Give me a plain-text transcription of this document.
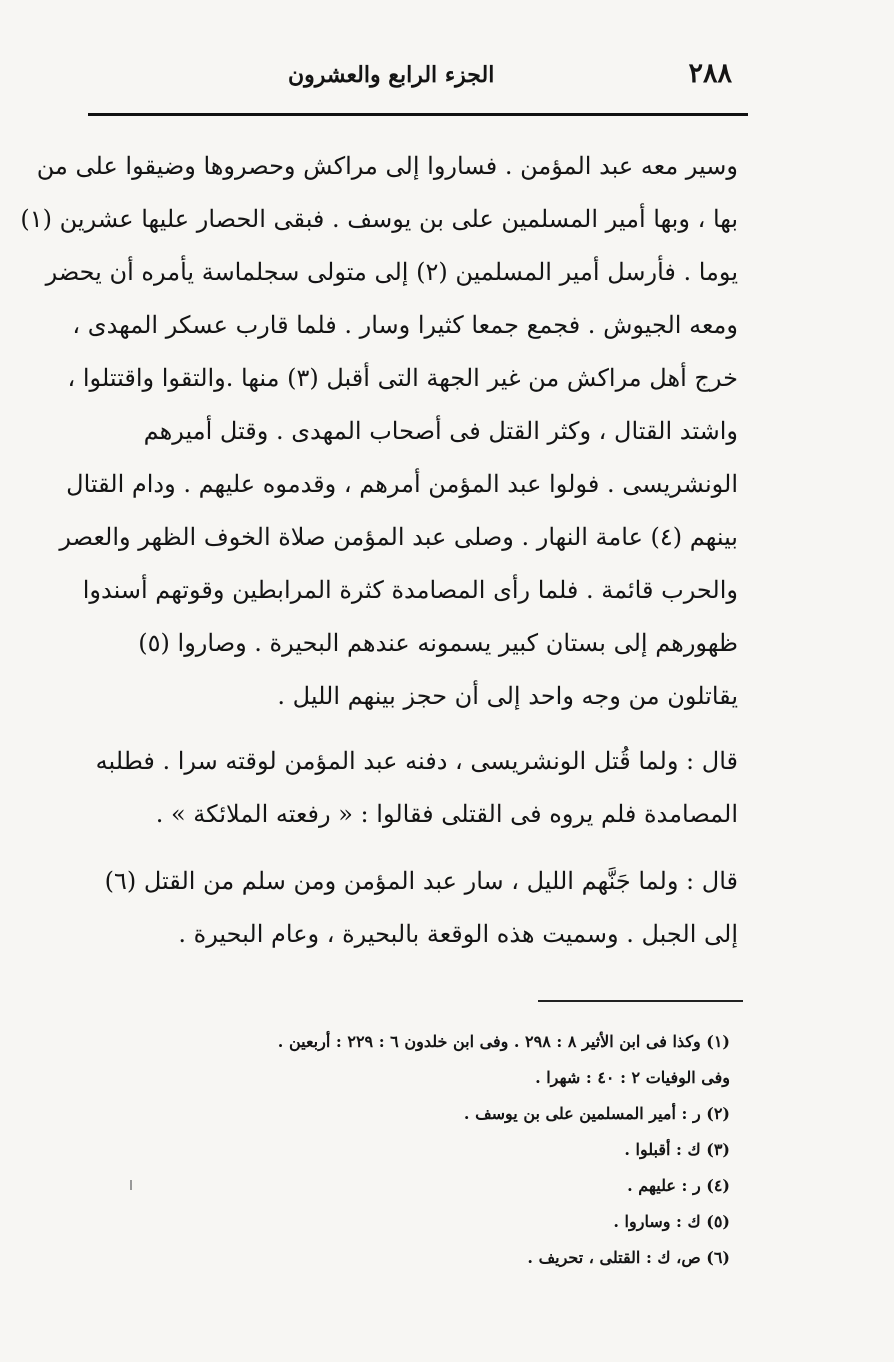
٢٨٨
الجزء الرابع والعشرون

وسير معه عبد المؤمن . فساروا إلى مراكش وحصروها وضيقوا على من
بها ، وبها أمير المسلمين على بن يوسف . فبقى الحصار عليها عشرين (١)
يوما . فأرسل أمير المسلمين (٢) إلى متولى سجلماسة يأمره أن يحضر
ومعه الجيوش . فجمع جمعا كثيرا وسار . فلما قارب عسكر المهدى ،
خرج أهل مراكش من غير الجهة التى أقبل (٣) منها .والتقوا واقتتلوا ،
واشتد القتال ، وكثر القتل فى أصحاب المهدى . وقتل أميرهم
الونشريسى . فولوا عبد المؤمن أمرهم ، وقدموه عليهم . ودام القتال
بينهم (٤) عامة النهار . وصلى عبد المؤمن صلاة الخوف الظهر والعصر
والحرب قائمة . فلما رأى المصامدة كثرة المرابطين وقوتهم أسندوا
ظهورهم إلى بستان كبير يسمونه عندهم البحيرة . وصاروا (٥)
يقاتلون من وجه واحد إلى أن حجز بينهم الليل .

قال : ولما قُتل الونشريسى ، دفنه عبد المؤمن لوقته سرا . فطلبه
المصامدة فلم يروه فى القتلى فقالوا : « رفعته الملائكة » .

قال : ولما جَنَّهم الليل ، سار عبد المؤمن ومن سلم من القتل (٦)
إلى الجبل . وسميت هذه الوقعة بالبحيرة ، وعام البحيرة .

(١) وكذا فى ابن الأثير ٨ : ٢٩٨ . وفى ابن خلدون ٦ : ٢٢٩ : أربعين .
وفى الوفيات ٢ : ٤٠ : شهرا .
(٢) ر : أمير المسلمين على بن يوسف .
(٣) ك : أقبلوا .
(٤) ر : عليهم .
(٥) ك : وساروا .
(٦) ص، ك : القتلى ، تحريف .
